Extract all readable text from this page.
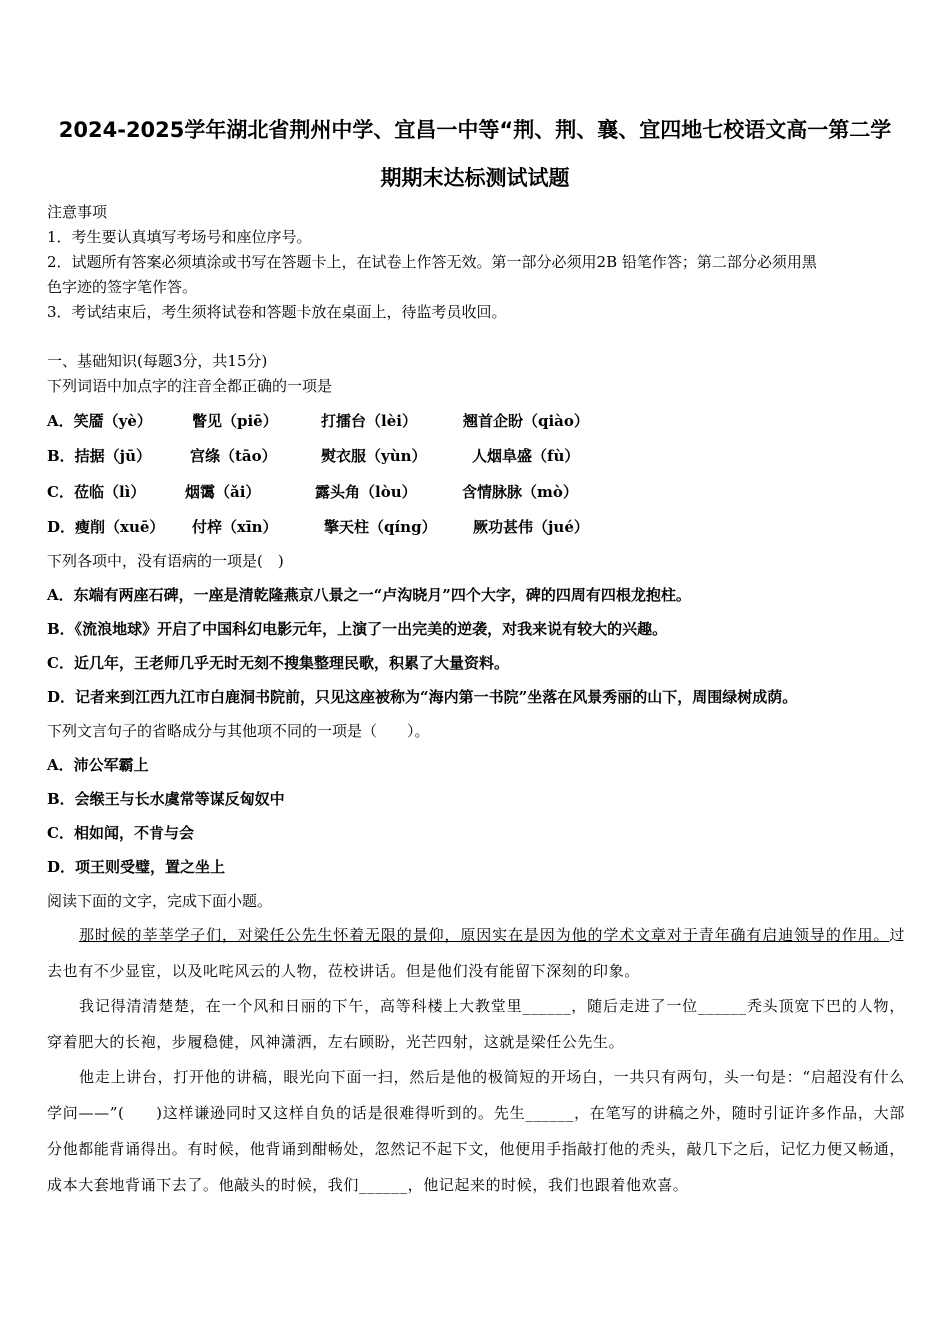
2024-2025学年湖北省荆州中学、宜昌一中等“荆、荆、襄、宜四地七校语文高一第二学
期期末达标测试试题
注意事项
1．考生要认真填写考场号和座位序号。
2．试题所有答案必须填涂或书写在答题卡上，在试卷上作答无效。第一部分必须用2B 铅笔作答；第二部分必须用黑
色字迹的签字笔作答。
3．考试结束后，考生须将试卷和答题卡放在桌面上，待监考员收回。
一、基础知识(每题3分，共15分)
下列词语中加点字的注音全都正确的一项是
A．笑靥（yè）	瞥见（piē）	打擂台（lèi）	翘首企盼（qiào）
B．拮据（jū）	宫绦（tāo）	熨衣服（yùn）	人烟阜盛（fù）
C．莅临（lì）	烟霭（ǎi）	露头角（lòu）	含情脉脉（mò）
D．瘦削（xuē） 付梓（xīn）	擎天柱（qíng） 厥功甚伟（jué）
下列各项中，没有语病的一项是(　)
A．东端有两座石碑，一座是清乾隆燕京八景之一“卢沟晓月”四个大字，碑的四周有四根龙抱柱。
B．《流浪地球》开启了中国科幻电影元年，上演了一出完美的逆袭，对我来说有较大的兴趣。
C．近几年，王老师几乎无时无刻不搜集整理民歌，积累了大量资料。
D．记者来到江西九江市白鹿洞书院前，只见这座被称为“海内第一书院”坐落在风景秀丽的山下，周围绿树成荫。
下列文言句子的省略成分与其他项不同的一项是（　　）。
A．沛公军霸上
B．会缑王与长水虞常等谋反匈奴中
C．相如闻，不肯与会
D．项王则受璧，置之坐上
阅读下面的文字，完成下面小题。
那时候的莘莘学子们，对梁任公先生怀着无限的景仰，原因实在是因为他的学术文章对于青年确有启迪领导的作用。过去也有不少显宦，以及叱咤风云的人物，莅校讲话。但是他们没有能留下深刻的印象。
我记得清清楚楚，在一个风和日丽的下午，高等科楼上大教堂里______，随后走进了一位______秃头顶宽下巴的人物，穿着肥大的长袍，步履稳健，风神潇洒，左右顾盼，光芒四射，这就是梁任公先生。
他走上讲台，打开他的讲稿，眼光向下面一扫，然后是他的极简短的开场白，一共只有两句，头一句是：“启超没有什么学问——”(　　)这样谦逊同时又这样自负的话是很难得听到的。先生______，在笔写的讲稿之外，随时引证许多作品，大部分他都能背诵得出。有时候，他背诵到酣畅处，忽然记不起下文，他便用手指敲打他的秃头，敲几下之后，记忆力便又畅通，成本大套地背诵下去了。他敲头的时候，我们______，他记起来的时候，我们也跟着他欢喜。
